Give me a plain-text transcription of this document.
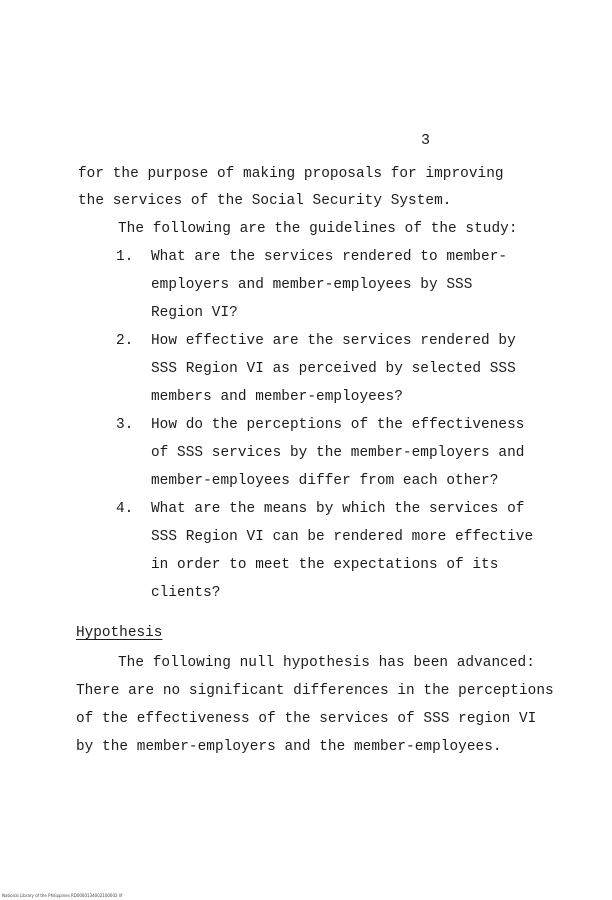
3
for the purpose of making proposals for improving
the services of the Social Security System.
The following are the guidelines of the study:
1. What are the services rendered to member-
employers and member-employees by SSS
Region VI?
2. How effective are the services rendered by
SSS Region VI as perceived by selected SSS
members and member-employees?
3. How do the perceptions of the effectiveness
of SSS services by the member-employers and
member-employees differ from each other?
4. What are the means by which the services of
SSS Region VI can be rendered more effective
in order to meet the expectations of its
clients?
Hypothesis
The following null hypothesis has been advanced:
There are no significant differences in the perceptions
of the effectiveness of the services of SSS region VI
by the member-employers and the member-employees.
National Library of the Philippines RD0000134002100002 lif
